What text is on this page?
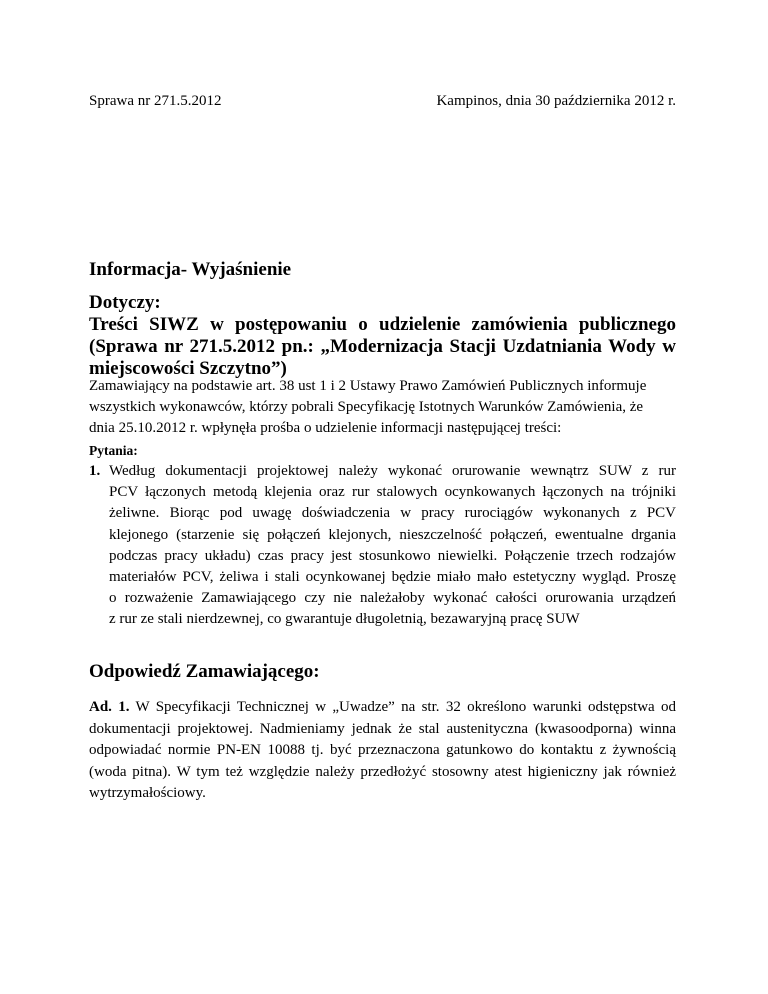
Sprawa nr 271.5.2012	Kampinos, dnia 30 października 2012 r.
Informacja- Wyjaśnienie
Dotyczy:
Treści SIWZ w postępowaniu o udzielenie zamówienia publicznego
(Sprawa nr 271.5.2012 pn.: „Modernizacja Stacji Uzdatniania Wody w
miejscowości Szczytno”)
Zamawiający na podstawie art. 38 ust 1 i 2 Ustawy Prawo Zamówień Publicznych informuje
wszystkich wykonawców, którzy pobrali Specyfikację Istotnych Warunków Zamówienia, że
dnia 25.10.2012 r. wpłynęła prośba o udzielenie informacji następującej treści:
Pytania:
1. Według dokumentacji projektowej należy wykonać orurowanie wewnątrz SUW z rur
PCV łączonych metodą klejenia oraz rur stalowych ocynkowanych łączonych na trójniki
żeliwne. Biorąc pod uwagę doświadczenia w pracy rurociągów wykonanych z PCV
klejonego (starzenie się połączeń klejonych, nieszczelność połączeń, ewentualne drgania
podczas pracy układu) czas pracy jest stosunkowo niewielki. Połączenie trzech rodzajów
materiałów PCV, żeliwa i stali ocynkowanej będzie miało mało estetyczny wygląd. Proszę
o rozważenie Zamawiającego czy nie należałoby wykonać całości orurowania urządzeń
z rur ze stali nierdzewnej, co gwarantuje długoletnią, bezawaryjną pracę SUW
Odpowiedź Zamawiającego:
Ad. 1. W Specyfikacji Technicznej w „Uwadze” na str. 32 określono warunki odstępstwa od
dokumentacji projektowej. Nadmieniamy jednak że stal austenityczna (kwasoodporna) winna
odpowiadać normie PN-EN 10088 tj. być przeznaczona gatunkowo do kontaktu z żywnością
(woda pitna). W tym też względzie należy przedłożyć stosowny atest higieniczny jak również
wytrzymałościowy.
